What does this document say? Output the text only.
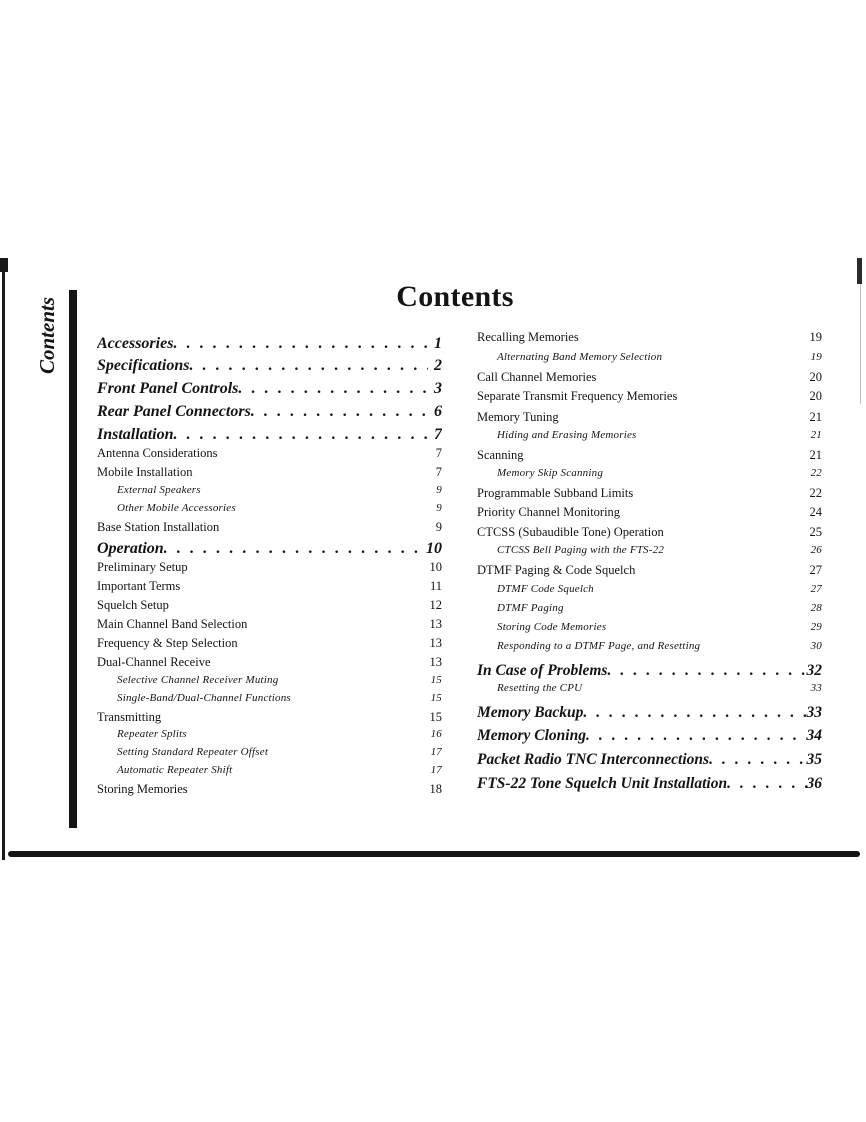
Contents	Contents
Accessories . . .	1
Specifications . . .	2
Front Panel Controls . . .	3
Rear Panel Connectors . . .	6
Installation . . .	7
Antenna Considerations	7
Mobile Installation	7
External Speakers	9
Other Mobile Accessories	9
Base Station Installation	9
Operation . . .	10
Preliminary Setup	10
Important Terms	11
Squelch Setup	12
Main Channel Band Selection	13
Frequency & Step Selection	13
Dual-Channel Receive	13
Selective Channel Receiver Muting	15
Single-Band/Dual-Channel Functions	15
Transmitting	15
Repeater Splits	16
Setting Standard Repeater Offset	17
Automatic Repeater Shift	17
Storing Memories	18
Recalling Memories	19
Alternating Band Memory Selection	19
Call Channel Memories	20
Separate Transmit Frequency Memories	20
Memory Tuning	21
Hiding and Erasing Memories	21
Scanning	21
Memory Skip Scanning	22
Programmable Subband Limits	22
Priority Channel Monitoring	24
CTCSS (Subaudible Tone) Operation	25
CTCSS Bell Paging with the FTS-22	26
DTMF Paging & Code Squelch	27
DTMF Code Squelch	27
DTMF Paging	28
Storing Code Memories	29
Responding to a DTMF Page, and Resetting	30
In Case of Problems . . .	32
Resetting the CPU	33
Memory Backup . . .	33
Memory Cloning . . .	34
Packet Radio TNC Interconnections . . .	35
FTS-22 Tone Squelch Unit Installation . . .	36
